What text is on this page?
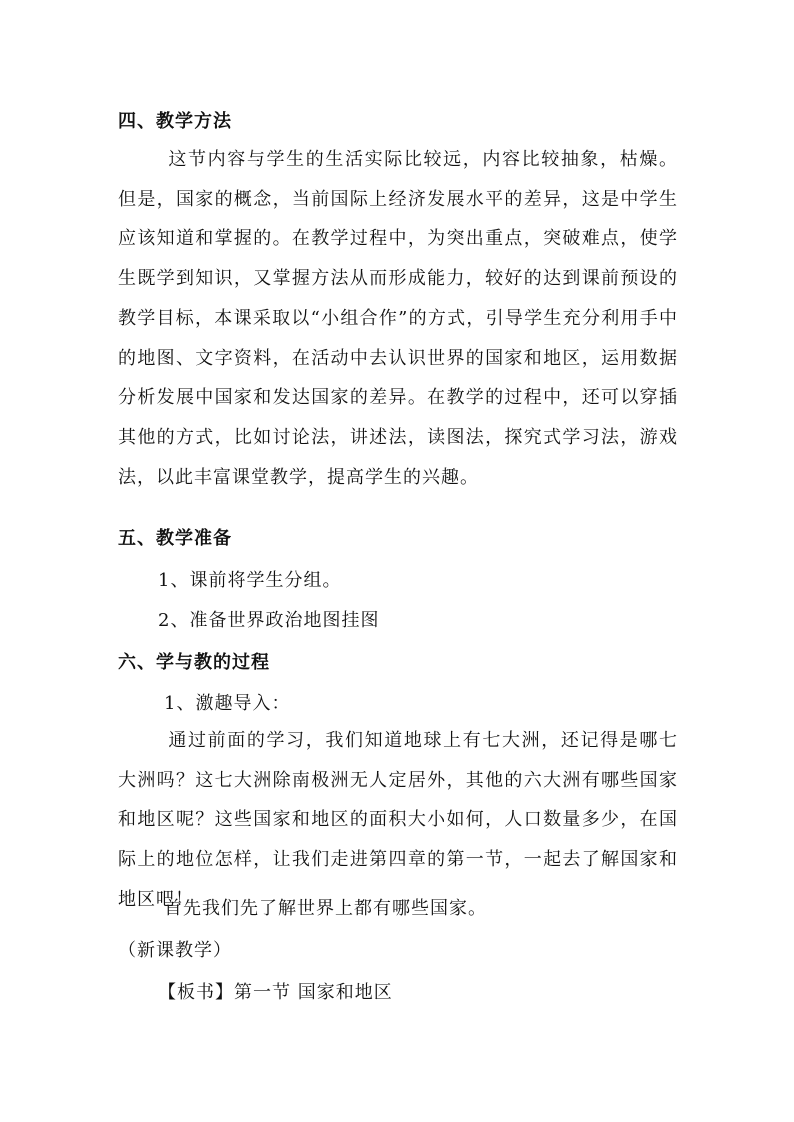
四、教学方法
这节内容与学生的生活实际比较远，内容比较抽象，枯燥。但是，国家的概念，当前国际上经济发展水平的差异，这是中学生应该知道和掌握的。在教学过程中，为突出重点，突破难点，使学生既学到知识，又掌握方法从而形成能力，较好的达到课前预设的教学目标，本课采取以“小组合作”的方式，引导学生充分利用手中的地图、文字资料，在活动中去认识世界的国家和地区，运用数据分析发展中国家和发达国家的差异。在教学的过程中，还可以穿插其他的方式，比如讨论法，讲述法，读图法，探究式学习法，游戏法，以此丰富课堂教学，提高学生的兴趣。
五、教学准备
1、课前将学生分组。
2、准备世界政治地图挂图
六、学与教的过程
1、激趣导入：
通过前面的学习，我们知道地球上有七大洲，还记得是哪七大洲吗？这七大洲除南极洲无人定居外，其他的六大洲有哪些国家和地区呢？这些国家和地区的面积大小如何，人口数量多少，在国际上的地位怎样，让我们走进第四章的第一节，一起去了解国家和地区吧！
首先我们先了解世界上都有哪些国家。
（新课教学）
【板书】第一节 国家和地区
